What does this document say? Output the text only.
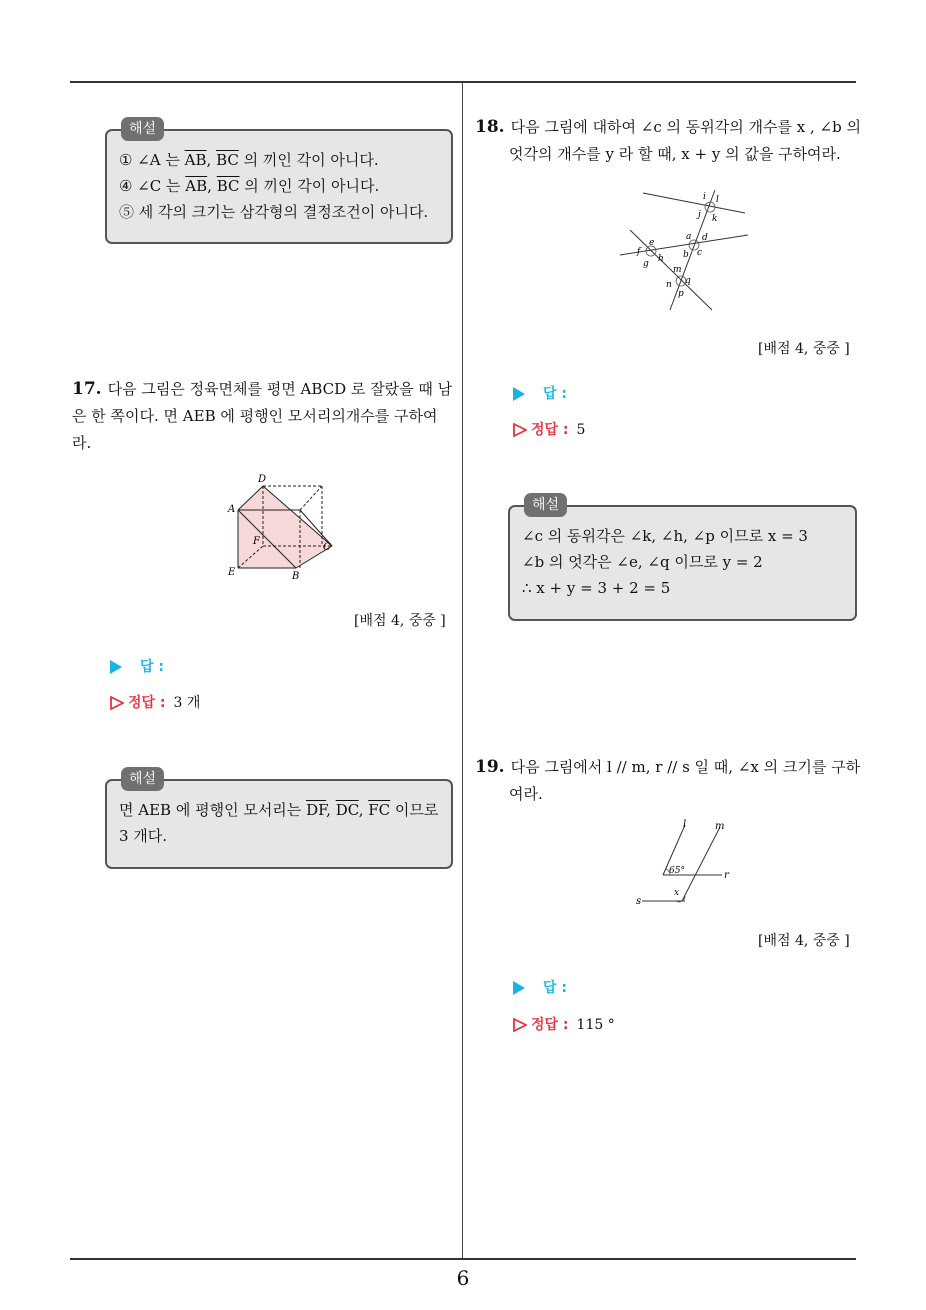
해설
① ∠A 는 $\overline{AB}$, $\overline{BC}$ 의 끼인 각이 아니다.
④ ∠C 는 $\overline{AB}$, $\overline{BC}$ 의 끼인 각이 아니다.
⑤ 세 각의 크기는 삼각형의 결정조건이 아니다.
17. 다음 그림은 정육면체를 평면 ABCD 로 잘랐을 때 남은 한 쪽이다. 면 AEB 에 평행인 모서리의개수를 구하여라.
D
A
F
C
E	B
[배점 4, 중중 ]
답 :
정답 : 3 개
해설
면 AEB 에 평행인 모서리는 $\overline{DF}$, $\overline{DC}$, $\overline{FC}$ 이므로
3 개다.
18. 다음 그림에 대하여 ∠c 의 동위각의 개수를 x , ∠b 의
엇각의 개수를 y 라 할 때, x + y 의 값을 구하여라.
i l
j k
a d
b c
e
f
g h
m
q
n
p
[배점 4, 중중 ]
답 :
정답 : 5
해설
∠c 의 동위각은 ∠k, ∠h, ∠p 이므로 x = 3
∠b 의 엇각은 ∠e, ∠q 이므로 y = 2
∴ x + y = 3 + 2 = 5
19. 다음 그림에서 l // m, r // s 일 때, ∠x 의 크기를 구하
여라.
l	m
65°	r
x
s
[배점 4, 중중 ]
답 :
정답 : 115 °
6
